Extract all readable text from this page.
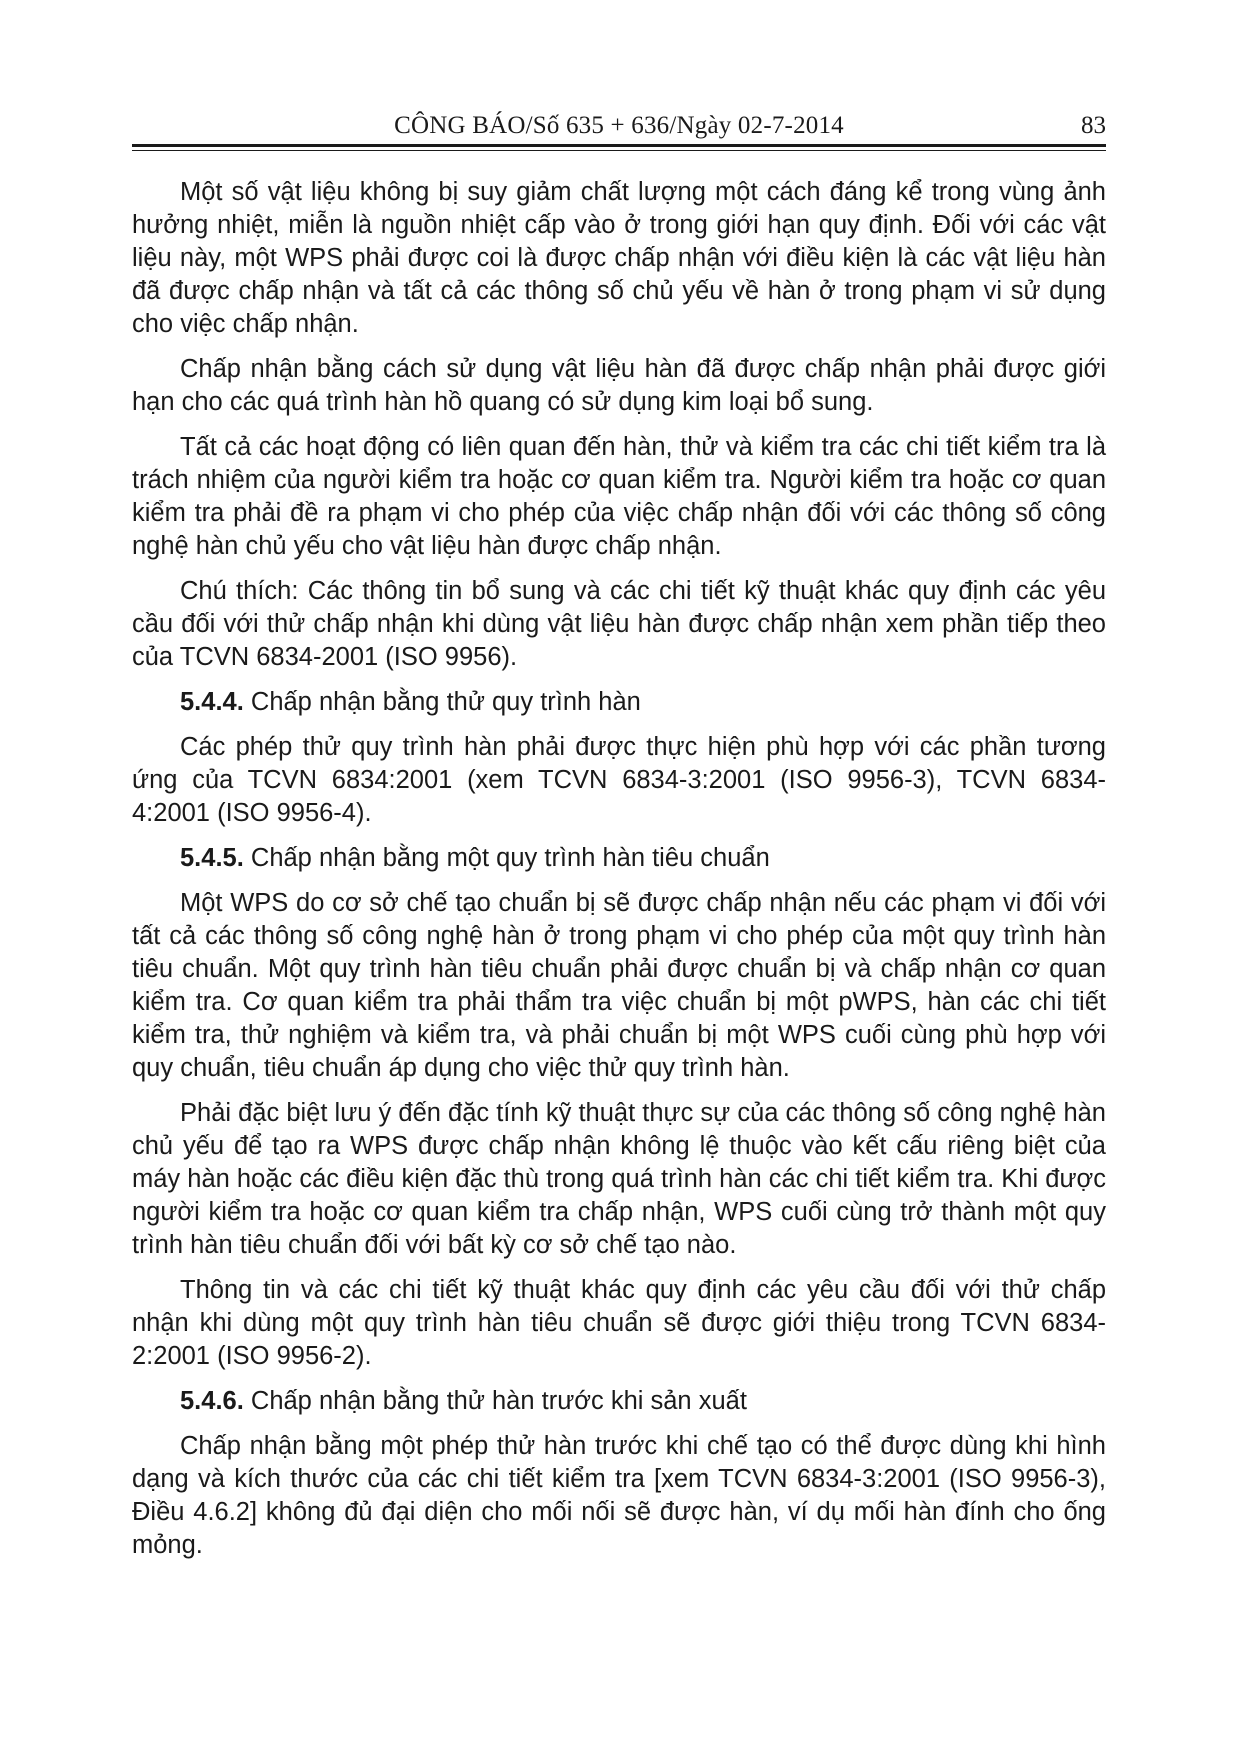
CÔNG BÁO/Số 635 + 636/Ngày 02-7-2014	83

Một số vật liệu không bị suy giảm chất lượng một cách đáng kể trong vùng ảnh hưởng nhiệt, miễn là nguồn nhiệt cấp vào ở trong giới hạn quy định. Đối với các vật liệu này, một WPS phải được coi là được chấp nhận với điều kiện là các vật liệu hàn đã được chấp nhận và tất cả các thông số chủ yếu về hàn ở trong phạm vi sử dụng cho việc chấp nhận.

Chấp nhận bằng cách sử dụng vật liệu hàn đã được chấp nhận phải được giới hạn cho các quá trình hàn hồ quang có sử dụng kim loại bổ sung.

Tất cả các hoạt động có liên quan đến hàn, thử và kiểm tra các chi tiết kiểm tra là trách nhiệm của người kiểm tra hoặc cơ quan kiểm tra. Người kiểm tra hoặc cơ quan kiểm tra phải đề ra phạm vi cho phép của việc chấp nhận đối với các thông số công nghệ hàn chủ yếu cho vật liệu hàn được chấp nhận.

Chú thích: Các thông tin bổ sung và các chi tiết kỹ thuật khác quy định các yêu cầu đối với thử chấp nhận khi dùng vật liệu hàn được chấp nhận xem phần tiếp theo của TCVN 6834-2001 (ISO 9956).

5.4.4. Chấp nhận bằng thử quy trình hàn

Các phép thử quy trình hàn phải được thực hiện phù hợp với các phần tương ứng của TCVN 6834:2001 (xem TCVN 6834-3:2001 (ISO 9956-3), TCVN 6834-4:2001 (ISO 9956-4).

5.4.5. Chấp nhận bằng một quy trình hàn tiêu chuẩn

Một WPS do cơ sở chế tạo chuẩn bị sẽ được chấp nhận nếu các phạm vi đối với tất cả các thông số công nghệ hàn ở trong phạm vi cho phép của một quy trình hàn tiêu chuẩn. Một quy trình hàn tiêu chuẩn phải được chuẩn bị và chấp nhận cơ quan kiểm tra. Cơ quan kiểm tra phải thẩm tra việc chuẩn bị một pWPS, hàn các chi tiết kiểm tra, thử nghiệm và kiểm tra, và phải chuẩn bị một WPS cuối cùng phù hợp với quy chuẩn, tiêu chuẩn áp dụng cho việc thử quy trình hàn.

Phải đặc biệt lưu ý đến đặc tính kỹ thuật thực sự của các thông số công nghệ hàn chủ yếu để tạo ra WPS được chấp nhận không lệ thuộc vào kết cấu riêng biệt của máy hàn hoặc các điều kiện đặc thù trong quá trình hàn các chi tiết kiểm tra. Khi được người kiểm tra hoặc cơ quan kiểm tra chấp nhận, WPS cuối cùng trở thành một quy trình hàn tiêu chuẩn đối với bất kỳ cơ sở chế tạo nào.

Thông tin và các chi tiết kỹ thuật khác quy định các yêu cầu đối với thử chấp nhận khi dùng một quy trình hàn tiêu chuẩn sẽ được giới thiệu trong TCVN 6834-2:2001 (ISO 9956-2).

5.4.6. Chấp nhận bằng thử hàn trước khi sản xuất

Chấp nhận bằng một phép thử hàn trước khi chế tạo có thể được dùng khi hình dạng và kích thước của các chi tiết kiểm tra [xem TCVN 6834-3:2001 (ISO 9956-3), Điều 4.6.2] không đủ đại diện cho mối nối sẽ được hàn, ví dụ mối hàn đính cho ống mỏng.
